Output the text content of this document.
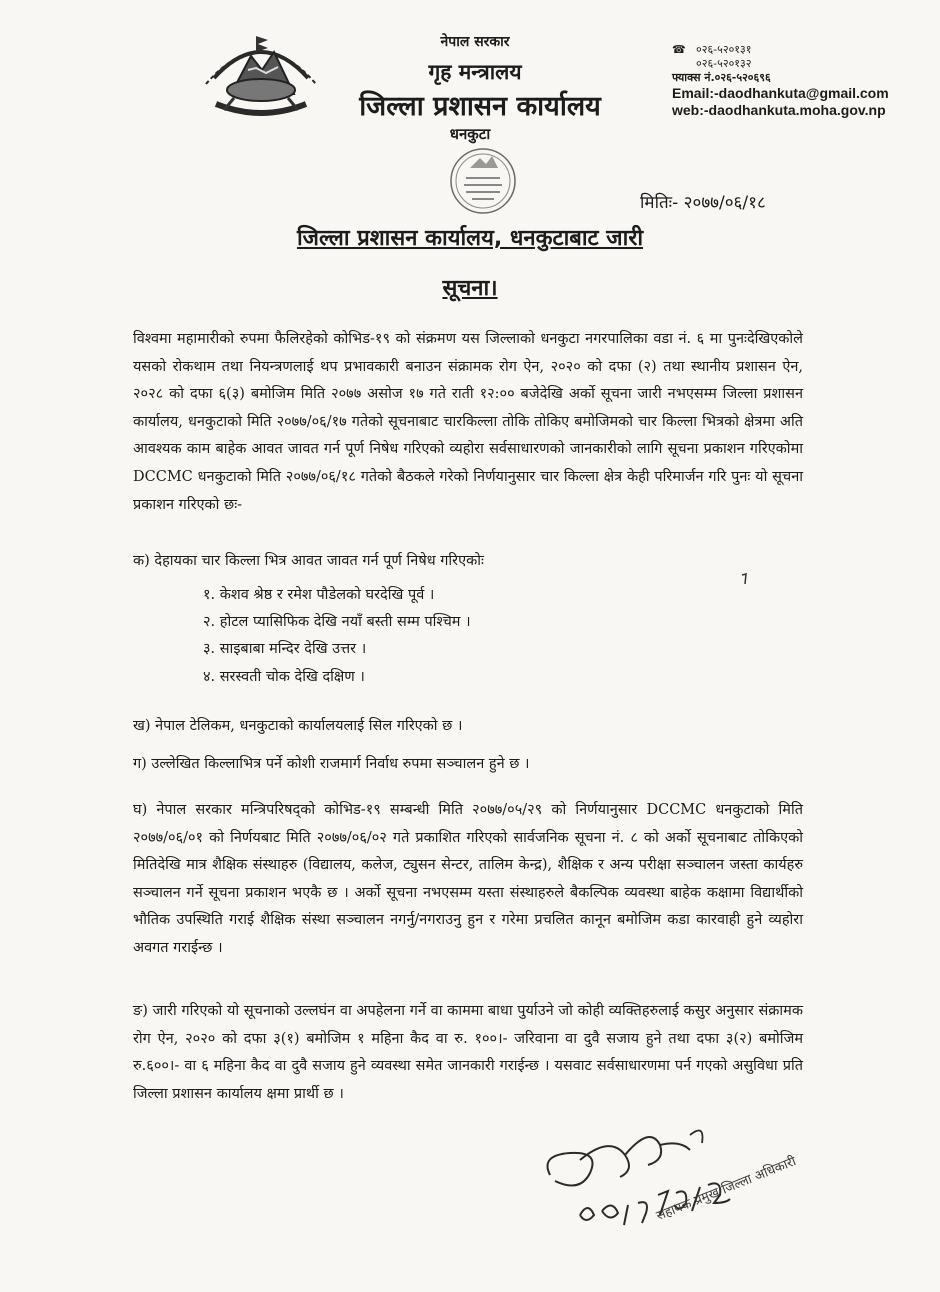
नेपाल सरकार
गृह मन्त्रालय
जिल्ला प्रशासन कार्यालय
धनकुटा
☎ ०२६-५२०१३१
०२६-५२०१३२
फ्याक्स नं.०२६-५२०६९६
Email:-daodhankuta@gmail.com
web:-daodhankuta.moha.gov.np
मितिः- २०७७/०६/१८
जिल्ला प्रशासन कार्यालय, धनकुटाबाट जारी
सूचना।
विश्वमा महामारीको रुपमा फैलिरहेको कोभिड-१९ को संक्रमण यस जिल्लाको धनकुटा नगरपालिका वडा नं. ६ मा पुनःदेखिएकोले यसको रोकथाम तथा नियन्त्रणलाई थप प्रभावकारी बनाउन संक्रामक रोग ऐन, २०२० को दफा (२) तथा स्थानीय प्रशासन ऐन, २०२८ को दफा ६(३) बमोजिम मिति २०७७ असोज १७ गते राती १२:०० बजेदेखि अर्को सूचना जारी नभएसम्म जिल्ला प्रशासन कार्यालय, धनकुटाको मिति २०७७/०६/१७ गतेको सूचनाबाट चारकिल्ला तोकि तोकिए बमोजिमको चार किल्ला भित्रको क्षेत्रमा अति आवश्यक काम बाहेक आवत जावत गर्न पूर्ण निषेध गरिएको व्यहोरा सर्वसाधारणको जानकारीको लागि सूचना प्रकाशन गरिएकोमा DCCMC धनकुटाको मिति २०७७/०६/१८ गतेको बैठकले गरेको निर्णयानुसार चार किल्ला क्षेत्र केही परिमार्जन गरि पुनः यो सूचना प्रकाशन गरिएको छः-
क) देहायका चार किल्ला भित्र आवत जावत गर्न पूर्ण निषेध गरिएकोः
१. केशव श्रेष्ठ र रमेश पौडेलको घरदेखि पूर्व ।
२. होटल प्यासिफिक देखि नयाँ बस्ती सम्म पश्चिम ।
३. साइबाबा मन्दिर देखि उत्तर ।
४. सरस्वती चोक देखि दक्षिण ।
ख) नेपाल टेलिकम, धनकुटाको कार्यालयलाई सिल गरिएको छ ।
ग) उल्लेखित किल्लाभित्र पर्ने कोशी राजमार्ग निर्वाध रुपमा सञ्चालन हुने छ ।
घ) नेपाल सरकार मन्त्रिपरिषद्को कोभिड-१९ सम्बन्धी मिति २०७७/०५/२९ को निर्णयानुसार DCCMC धनकुटाको मिति २०७७/०६/०१ को निर्णयबाट मिति २०७७/०६/०२ गते प्रकाशित गरिएको सार्वजनिक सूचना नं. ८ को अर्को सूचनाबाट तोकिएको मितिदेखि मात्र शैक्षिक संस्थाहरु (विद्यालय, कलेज, ट्युसन सेन्टर, तालिम केन्द्र), शैक्षिक र अन्य परीक्षा सञ्चालन जस्ता कार्यहरु सञ्चालन गर्ने सूचना प्रकाशन भएकै छ । अर्को सूचना नभएसम्म यस्ता संस्थाहरुले बैकल्पिक व्यवस्था बाहेक कक्षामा विद्यार्थीको भौतिक उपस्थिति गराई शैक्षिक संस्था सञ्चालन नगर्नु/नगराउनु हुन र गरेमा प्रचलित कानून बमोजिम कडा कारवाही हुने व्यहोरा अवगत गराईन्छ ।
ङ) जारी गरिएको यो सूचनाको उल्लघंन वा अपहेलना गर्ने वा काममा बाधा पुर्याउने जो कोही व्यक्तिहरुलाई कसुर अनुसार संक्रामक रोग ऐन, २०२० को दफा ३(१) बमोजिम १ महिना कैद वा रु. १००।- जरिवाना वा दुवै सजाय हुने तथा दफा ३(२) बमोजिम रु.६००।- वा ६ महिना कैद वा दुवै सजाय हुने व्यवस्था समेत जानकारी गराईन्छ । यसवाट सर्वसाधारणमा पर्न गएको असुविधा प्रति जिल्ला प्रशासन कार्यालय क्षमा प्रार्थी छ ।
सहायक प्रमुख जिल्ला अधिकारी
